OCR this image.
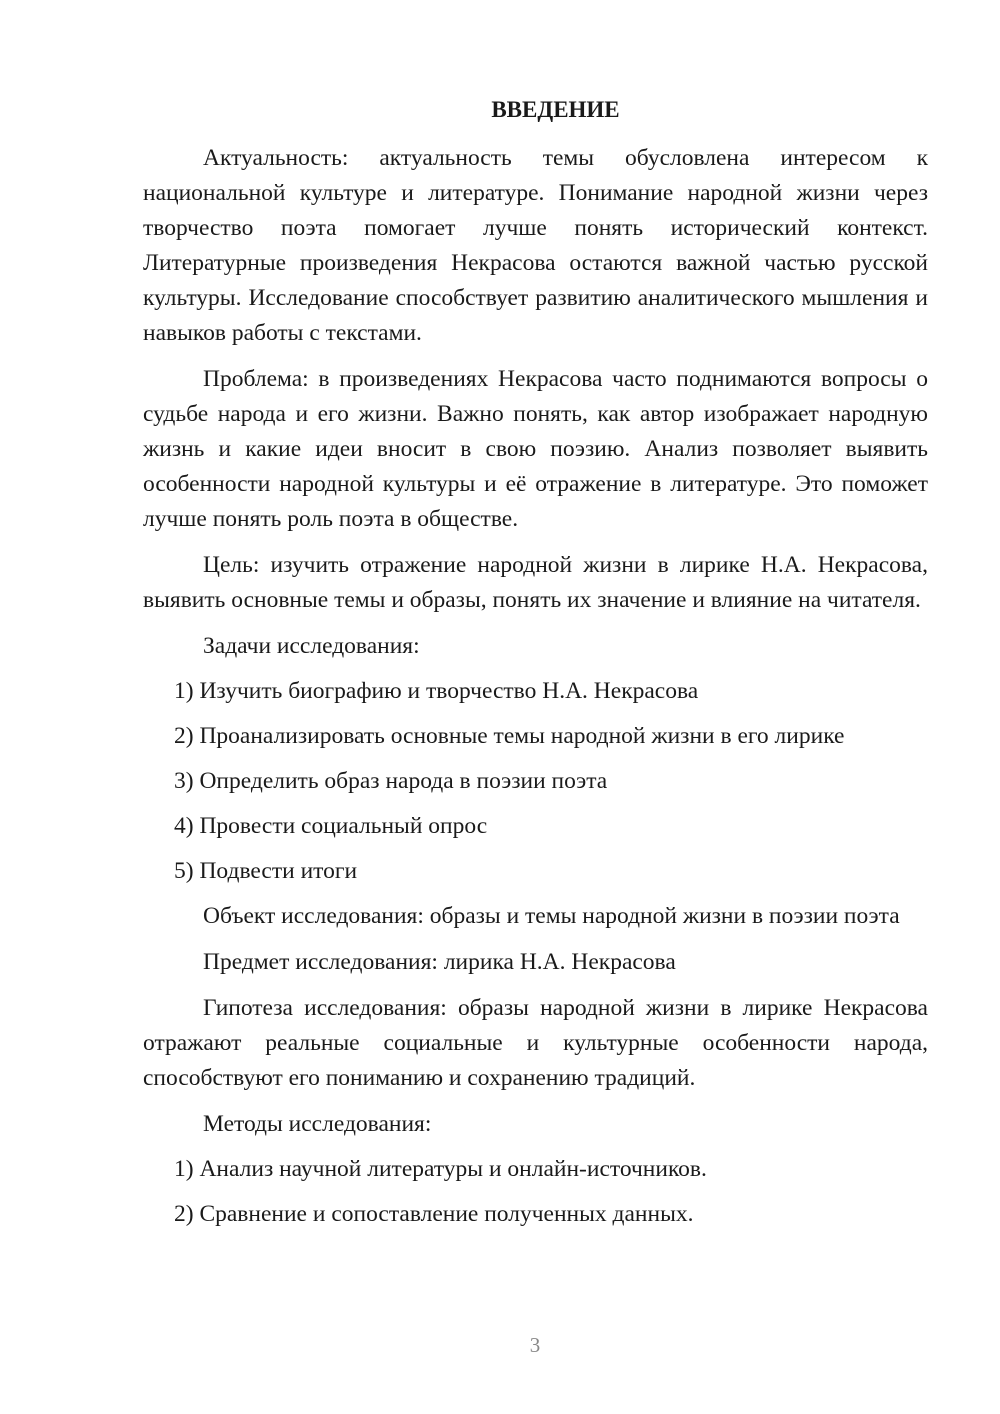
ВВЕДЕНИЕ

Актуальность: актуальность темы обусловлена интересом к национальной культуре и литературе. Понимание народной жизни через творчество поэта помогает лучше понять исторический контекст. Литературные произведения Некрасова остаются важной частью русской культуры. Исследование способствует развитию аналитического мышления и навыков работы с текстами.

Проблема: в произведениях Некрасова часто поднимаются вопросы о судьбе народа и его жизни. Важно понять, как автор изображает народную жизнь и какие идеи вносит в свою поэзию. Анализ позволяет выявить особенности народной культуры и её отражение в литературе. Это поможет лучше понять роль поэта в обществе.

Цель: изучить отражение народной жизни в лирике Н.А. Некрасова, выявить основные темы и образы, понять их значение и влияние на читателя.

Задачи исследования:

1) Изучить биографию и творчество Н.А. Некрасова

2) Проанализировать основные темы народной жизни в его лирике

3) Определить образ народа в поэзии поэта

4) Провести социальный опрос

5) Подвести итоги

Объект исследования: образы и темы народной жизни в поэзии поэта

Предмет исследования: лирика Н.А. Некрасова

Гипотеза исследования: образы народной жизни в лирике Некрасова отражают реальные социальные и культурные особенности народа, способствуют его пониманию и сохранению традиций.

Методы исследования:

1) Анализ научной литературы и онлайн-источников.

2) Сравнение и сопоставление полученных данных.

3
